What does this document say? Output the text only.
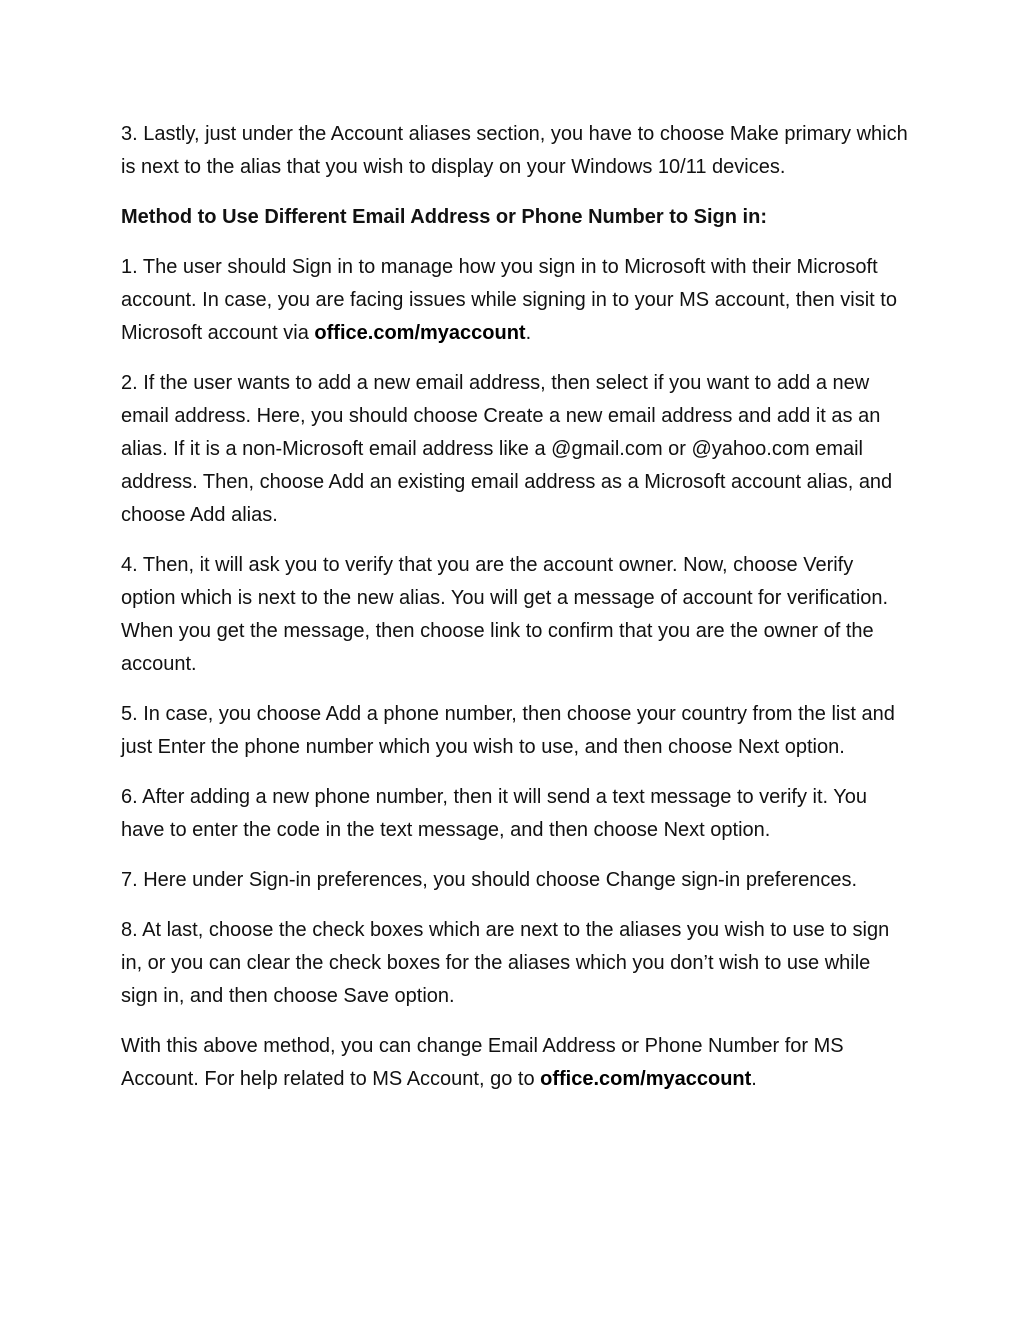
3. Lastly, just under the Account aliases section, you have to choose Make primary which is next to the alias that you wish to display on your Windows 10/11 devices.

Method to Use Different Email Address or Phone Number to Sign in:

1. The user should Sign in to manage how you sign in to Microsoft with their Microsoft account. In case, you are facing issues while signing in to your MS account, then visit to Microsoft account via office.com/myaccount.

2. If the user wants to add a new email address, then select if you want to add a new email address. Here, you should choose Create a new email address and add it as an alias. If it is a non-Microsoft email address like a @gmail.com or @yahoo.com email address. Then, choose Add an existing email address as a Microsoft account alias, and choose Add alias.

4. Then, it will ask you to verify that you are the account owner. Now, choose Verify option which is next to the new alias. You will get a message of account for verification. When you get the message, then choose link to confirm that you are the owner of the account.

5. In case, you choose Add a phone number, then choose your country from the list and just Enter the phone number which you wish to use, and then choose Next option.

6. After adding a new phone number, then it will send a text message to verify it. You have to enter the code in the text message, and then choose Next option.

7. Here under Sign-in preferences, you should choose Change sign-in preferences.

8. At last, choose the check boxes which are next to the aliases you wish to use to sign in, or you can clear the check boxes for the aliases which you don’t wish to use while sign in, and then choose Save option.

With this above method, you can change Email Address or Phone Number for MS Account. For help related to MS Account, go to office.com/myaccount.
